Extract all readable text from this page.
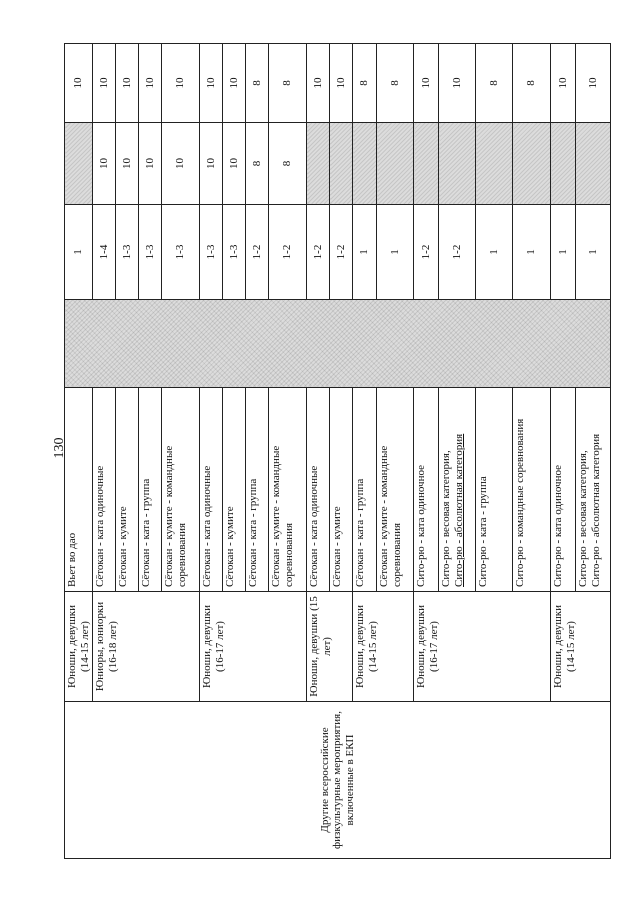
130
Другие всероссийские физкультурные мероприятия, включенные в ЕКП	Юноши, девушки (14-15 лет)	Вьет во дао		1		10
	Юниоры, юниорки (16-18 лет)	Сётокан - ката одиночные		1-4	10	10
		Сётокан - кумите		1-3	10	10
		Сётокан - ката - группа		1-3	10	10
		Сётокан - кумите - командные соревнования		1-3	10	10
	Юноши, девушки (16-17 лет)	Сётокан - ката одиночные		1-3	10	10
		Сётокан - кумите		1-3	10	10
		Сётокан - ката - группа		1-2	8	8
		Сётокан - кумите - командные соревнования		1-2	8	8
	Юноши, девушки (15 лет)	Сётокан - ката одиночные		1-2		10
		Сётокан - кумите		1-2		10
	Юноши, девушки (14-15 лет)	Сётокан - ката - группа		1		8
		Сётокан - кумите - командные соревнования		1		8
	Юноши, девушки (16-17 лет)	Сито-рю - ката одиночное		1-2		10

		Сито-рю - весовая категория, Сито-рю - абсолютная категория		1-2		10
		Сито-рю - ката - группа		1		8
		Сито-рю - командные соревнования		1		8
	Юноши, девушки (14-15 лет)	Сито-рю - ката одиночное		1		10

		Сито-рю - весовая категория, Сито-рю - абсолютная категория		1		10
